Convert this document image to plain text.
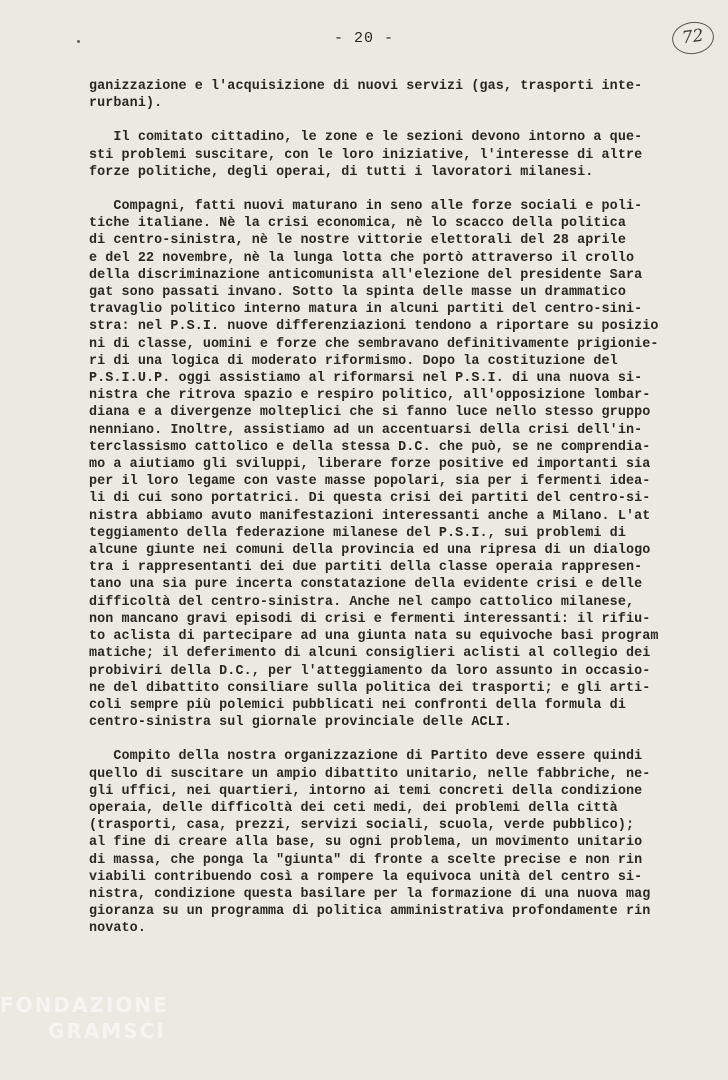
- 20 -	72
ganizzazione e l'acquisizione di nuovi servizi (gas, trasporti inte-
rurbani).
Il comitato cittadino, le zone e le sezioni devono intorno a que-
sti problemi suscitare, con le loro iniziative, l'interesse di altre
forze politiche, degli operai, di tutti i lavoratori milanesi.
Compagni, fatti nuovi maturano in seno alle forze sociali e poli-
tiche italiane. Nè la crisi economica, nè lo scacco della politica
di centro-sinistra, nè le nostre vittorie elettorali del 28 aprile
e del 22 novembre, nè la lunga lotta che portò attraverso il crollo
della discriminazione anticomunista all'elezione del presidente Sara
gat sono passati invano. Sotto la spinta delle masse un drammatico
travaglio politico interno matura in alcuni partiti del centro-sini-
stra: nel P.S.I. nuove differenziazioni tendono a riportare su posizio
ni di classe, uomini e forze che sembravano definitivamente prigionie-
ri di una logica di moderato riformismo. Dopo la costituzione del
P.S.I.U.P. oggi assistiamo al riformarsi nel P.S.I. di una nuova si-
nistra che ritrova spazio e respiro politico, all'opposizione lombar-
diana e a divergenze molteplici che si fanno luce nello stesso gruppo
nenniano. Inoltre, assistiamo ad un accentuarsi della crisi dell'in-
terclassismo cattolico e della stessa D.C. che può, se ne comprendia-
mo a aiutiamo gli sviluppi, liberare forze positive ed importanti sia
per il loro legame con vaste masse popolari, sia per i fermenti idea-
li di cui sono portatrici. Di questa crisi dei partiti del centro-si-
nistra abbiamo avuto manifestazioni interessanti anche a Milano. L'at
teggiamento della federazione milanese del P.S.I., sui problemi di
alcune giunte nei comuni della provincia ed una ripresa di un dialogo
tra i rappresentanti dei due partiti della classe operaia rappresen-
tano una sia pure incerta constatazione della evidente crisi e delle
difficoltà del centro-sinistra. Anche nel campo cattolico milanese,
non mancano gravi episodi di crisi e fermenti interessanti: il rifiu-
to aclista di partecipare ad una giunta nata su equivoche basi program
matiche; il deferimento di alcuni consiglieri aclisti al collegio dei
probiviri della D.C., per l'atteggiamento da loro assunto in occasio-
ne del dibattito consiliare sulla politica dei trasporti; e gli arti-
coli sempre più polemici pubblicati nei confronti della formula di
centro-sinistra sul giornale provinciale delle ACLI.
Compito della nostra organizzazione di Partito deve essere quindi
quello di suscitare un ampio dibattito unitario, nelle fabbriche, ne-
gli uffici, nei quartieri, intorno ai temi concreti della condizione
operaia, delle difficoltà dei ceti medi, dei problemi della città
(trasporti, casa, prezzi, servizi sociali, scuola, verde pubblico);
al fine di creare alla base, su ogni problema, un movimento unitario
di massa, che ponga la "giunta" di fronte a scelte precise e non rin
viabili contribuendo così a rompere la equivoca unità del centro si-
nistra, condizione questa basilare per la formazione di una nuova mag
gioranza su un programma di politica amministrativa profondamente rin
novato.
FONDAZIONE
GRAMSCI
